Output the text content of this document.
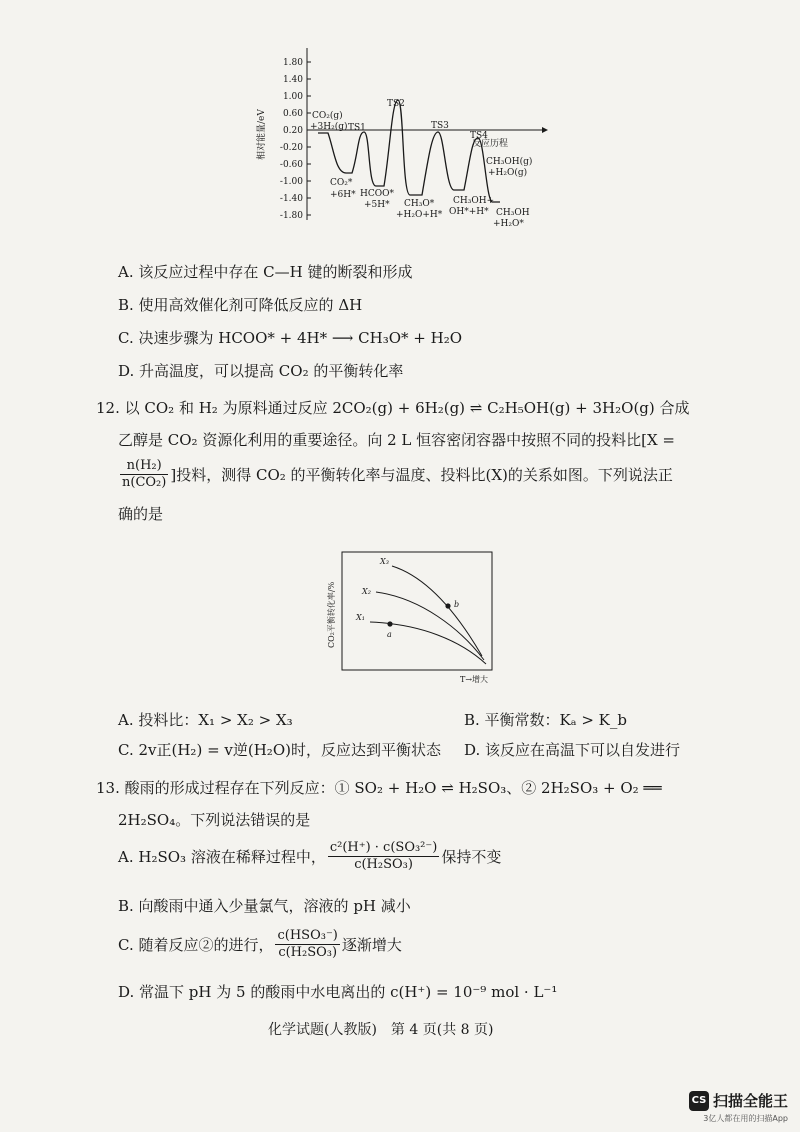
1.80
1.40
1.00
0.60
0.20
-0.20
-0.60
-1.00
-1.40
-1.80
相对能量/eV	反应历程
TS1
TS2
TS3
TS4
CO₂(g)
+3H₂(g)
CO₂*
+6H* HCOO*
+5H* CH₃O*
+H₂O+H*
CH₃OH+
OH*+H*
CH₃OH(g)
+H₂O(g)
CH₃OH
+H₂O*
A. 该反应过程中存在 C—H 键的断裂和形成
B. 使用高效催化剂可降低反应的 ΔH
C. 决速步骤为 HCOO* + 4H* ⟶ CH₃O* + H₂O
D. 升高温度，可以提高 CO₂ 的平衡转化率
12. 以 CO₂ 和 H₂ 为原料通过反应 2CO₂(g) + 6H₂(g) ⇌ C₂H₅OH(g) + 3H₂O(g) 合成
乙醇是 CO₂ 资源化利用的重要途径。向 2 L 恒容密闭容器中按照不同的投料比[X =
$\frac{\text{n(H₂)}}{\text{n(CO₂)}}$ ]投料，测得 CO₂ 的平衡转化率与温度、投料比(X)的关系如图。下列说法正
确的是
CO₂平衡转化率/%
T→增大
X₃
X₂
X₁
a
b
A. 投料比：X₁ > X₂ > X₃	B. 平衡常数：Kₐ > K_b
C. 2v正(H₂) = v逆(H₂O)时，反应达到平衡状态 D. 该反应在高温下可以自发进行
13. 酸雨的形成过程存在下列反应：① SO₂ + H₂O ⇌ H₂SO₃、② 2H₂SO₃ + O₂ ══
2H₂SO₄。下列说法错误的是
A. H₂SO₃ 溶液在稀释过程中， $\frac{\text{c²(H⁺) · c(SO₃²⁻)}}{\text{c(H₂SO₃)}}$ 保持不变
B. 向酸雨中通入少量氯气，溶液的 pH 减小
C. 随着反应②的进行， $\frac{\text{c(HSO₃⁻)}}{\text{c(H₂SO₃)}}$ 逐渐增大
D. 常温下 pH 为 5 的酸雨中水电离出的 c(H⁺) = 10⁻⁹ mol · L⁻¹
化学试题(人教版)　第 4 页(共 8 页)
CS 扫描全能王
3亿人都在用的扫描App
